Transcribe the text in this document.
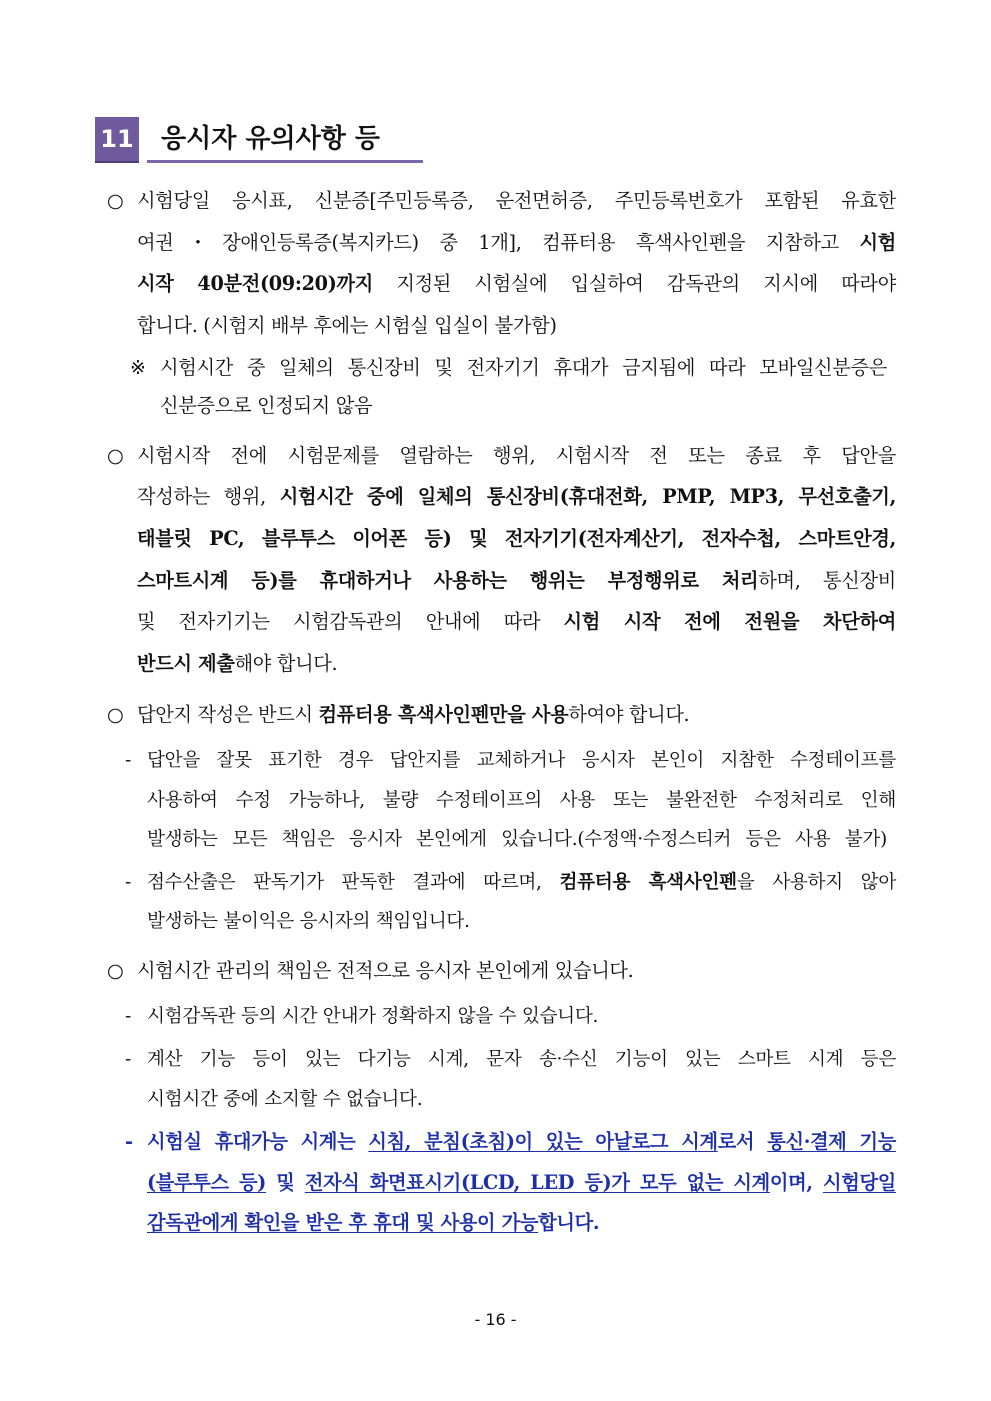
11	응시자 유의사항 등
○ 시험당일 응시표, 신분증[주민등록증, 운전면허증, 주민등록번호가 포함된 유효한
여권・장애인등록증(복지카드) 중 1개], 컴퓨터용 흑색사인펜을 지참하고 시험
시작 40분전(09:20)까지 지정된 시험실에 입실하여 감독관의 지시에 따라야
합니다. (시험지 배부 후에는 시험실 입실이 불가함)
※ 시험시간 중 일체의 통신장비 및 전자기기 휴대가 금지됨에 따라 모바일신분증은
신분증으로 인정되지 않음
○ 시험시작 전에 시험문제를 열람하는 행위, 시험시작 전 또는 종료 후 답안을
작성하는 행위, 시험시간 중에 일체의 통신장비(휴대전화, PMP, MP3, 무선호출기,
태블릿 PC, 블루투스 이어폰 등) 및 전자기기(전자계산기, 전자수첩, 스마트안경,
스마트시계 등)를 휴대하거나 사용하는 행위는 부정행위로 처리하며, 통신장비
및 전자기기는 시험감독관의 안내에 따라 시험 시작 전에 전원을 차단하여
반드시 제출해야 합니다.
○ 답안지 작성은 반드시 컴퓨터용 흑색사인펜만을 사용하여야 합니다.
- 답안을 잘못 표기한 경우 답안지를 교체하거나 응시자 본인이 지참한 수정테이프를
사용하여 수정 가능하나, 불량 수정테이프의 사용 또는 불완전한 수정처리로 인해
발생하는 모든 책임은 응시자 본인에게 있습니다.(수정액·수정스티커 등은 사용 불가)
- 점수산출은 판독기가 판독한 결과에 따르며, 컴퓨터용 흑색사인펜을 사용하지 않아
발생하는 불이익은 응시자의 책임입니다.
○ 시험시간 관리의 책임은 전적으로 응시자 본인에게 있습니다.
- 시험감독관 등의 시간 안내가 정확하지 않을 수 있습니다.
- 계산 기능 등이 있는 다기능 시계, 문자 송·수신 기능이 있는 스마트 시계 등은
시험시간 중에 소지할 수 없습니다.
- 시험실 휴대가능 시계는 시침, 분침(초침)이 있는 아날로그 시계로서 통신·결제 기능
(블루투스 등) 및 전자식 화면표시기(LCD, LED 등)가 모두 없는 시계이며, 시험당일
감독관에게 확인을 받은 후 휴대 및 사용이 가능합니다.
- 16 -
